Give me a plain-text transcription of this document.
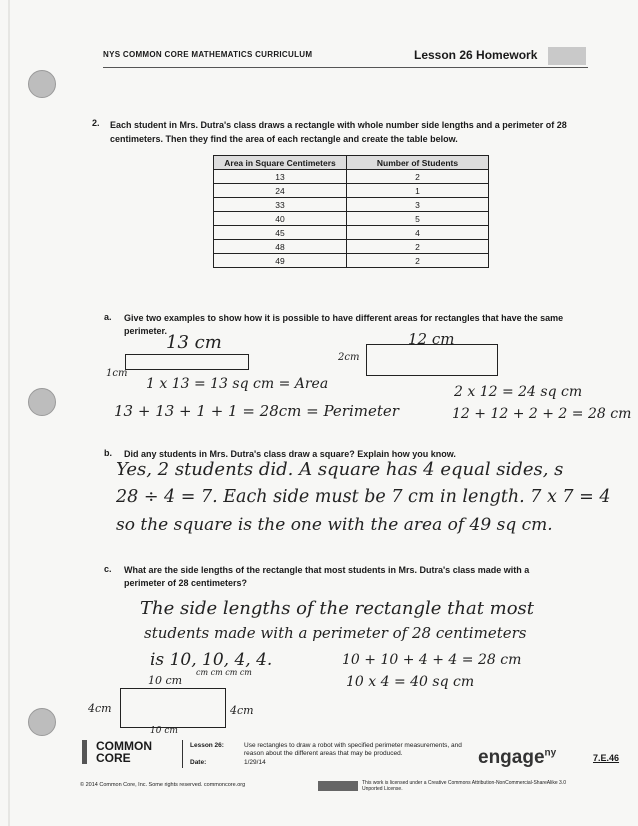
NYS COMMON CORE MATHEMATICS CURRICULUM	Lesson 26 Homework
2. Each student in Mrs. Dutra's class draws a rectangle with whole number side lengths and a perimeter of 28 centimeters. Then they find the area of each rectangle and create the table below.
Area in Square Centimeters	Number of Students
13	2
24	1
33	3
40	5
45	4
48	2
49	2
a. Give two examples to show how it is possible to have different areas for rectangles that have the same perimeter.
13 cm
1cm
1 x 13 = 13 sq cm = Area
13 + 13 + 1 + 1 = 28cm = Perimeter
12 cm
2cm
2 x 12 = 24 sq cm
12 + 12 + 2 + 2 = 28 cm
b. Did any students in Mrs. Dutra's class draw a square? Explain how you know.
Yes, 2 students did. A square has 4 equal sides, s
28 ÷ 4 = 7. Each side must be 7 cm in length. 7 x 7 = 4
so the square is the one with the area of 49 sq cm.
c. What are the side lengths of the rectangle that most students in Mrs. Dutra's class made with a perimeter of 28 centimeters?
The side lengths of the rectangle that most
students made with a perimeter of 28 centimeters
is 10, 10, 4, 4.
cm cm cm cm
10 + 10 + 4 + 4 = 28 cm
10 x 4 = 40 sq cm
10 cm
4cm	4cm
10 cm
COMMON
CORE
Lesson 26:
Date:
Use rectangles to draw a robot with specified perimeter measurements, and reason about the different areas that may be produced.
1/29/14	engage$^{ny}$	7.E.46
© 2014 Common Core, Inc. Some rights reserved. commoncore.org	This work is licensed under a Creative Commons Attribution-NonCommercial-ShareAlike 3.0 Unported License.
